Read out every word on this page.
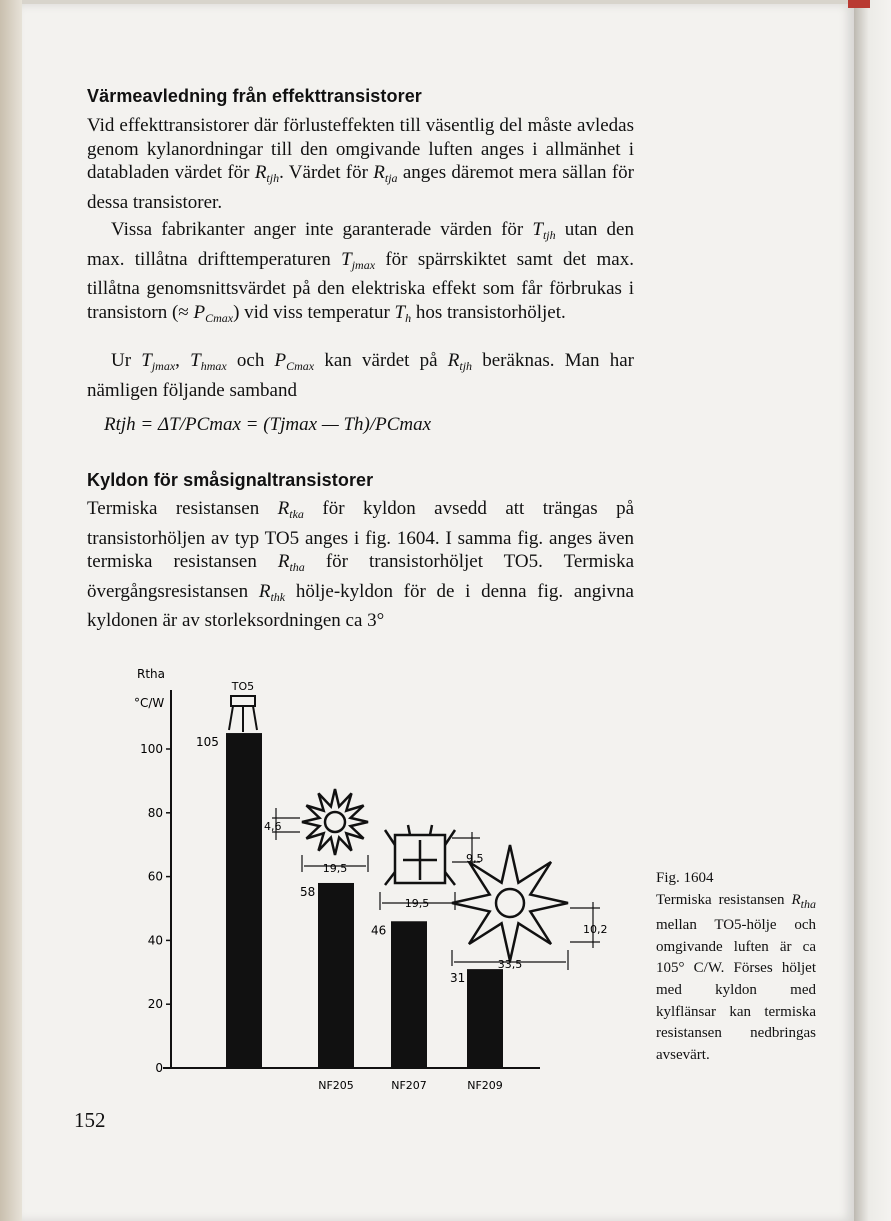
Värmeavledning från effekttransistorer

Vid effekttransistorer där förlusteffekten till väsentlig del måste avledas genom kylanordningar till den omgivande luften anges i allmänhet i databladen värdet för $R_{tjh}$. Värdet för $R_{tja}$ anges däremot mera sällan för dessa transistorer.

Vissa fabrikanter anger inte garanterade värden för $T_{tjh}$ utan den max. tillåtna drifttemperaturen $T_{jmax}$ för spärrskiktet samt det max. tillåtna genomsnittsvärdet på den elektriska effekt som får förbrukas i transistorn (≈ $P_{Cmax}$) vid viss temperatur $T_h$ hos transistorhöljet.

Ur $T_{jmax}$, $T_{hmax}$ och $P_{Cmax}$ kan värdet på $R_{tjh}$ beräknas. Man har nämligen följande samband

Rtjh = ΔT/PCmax = (Tjmax — Th)/PCmax
Kyldon för småsignaltransistorer

Termiska resistansen $R_{tka}$ för kyldon avsedd att trängas på transistorhöljen av typ TO5 anges i fig. 1604. I samma fig. anges även termiska resistansen $R_{tha}$ för transistorhöljet TO5. Termiska övergångsresistansen $R_{thk}$ hölje-kyldon för de i denna fig. angivna kyldonen är av storleksordningen ca 3°

0
20
40
60
80
100
Rtha
°C/W
105
58
NF205
46
NF207
31
NF209
TO5
19,5
4,6
9,5
19,5
10,2
33,5

Fig. 1604
Termiska resistansen $R_{tha}$ mellan TO5-hölje och omgivande luften är ca 105° C/W. Förses höljet med kyldon med kylflänsar kan termiska resistansen nedbringas avsevärt.

152
